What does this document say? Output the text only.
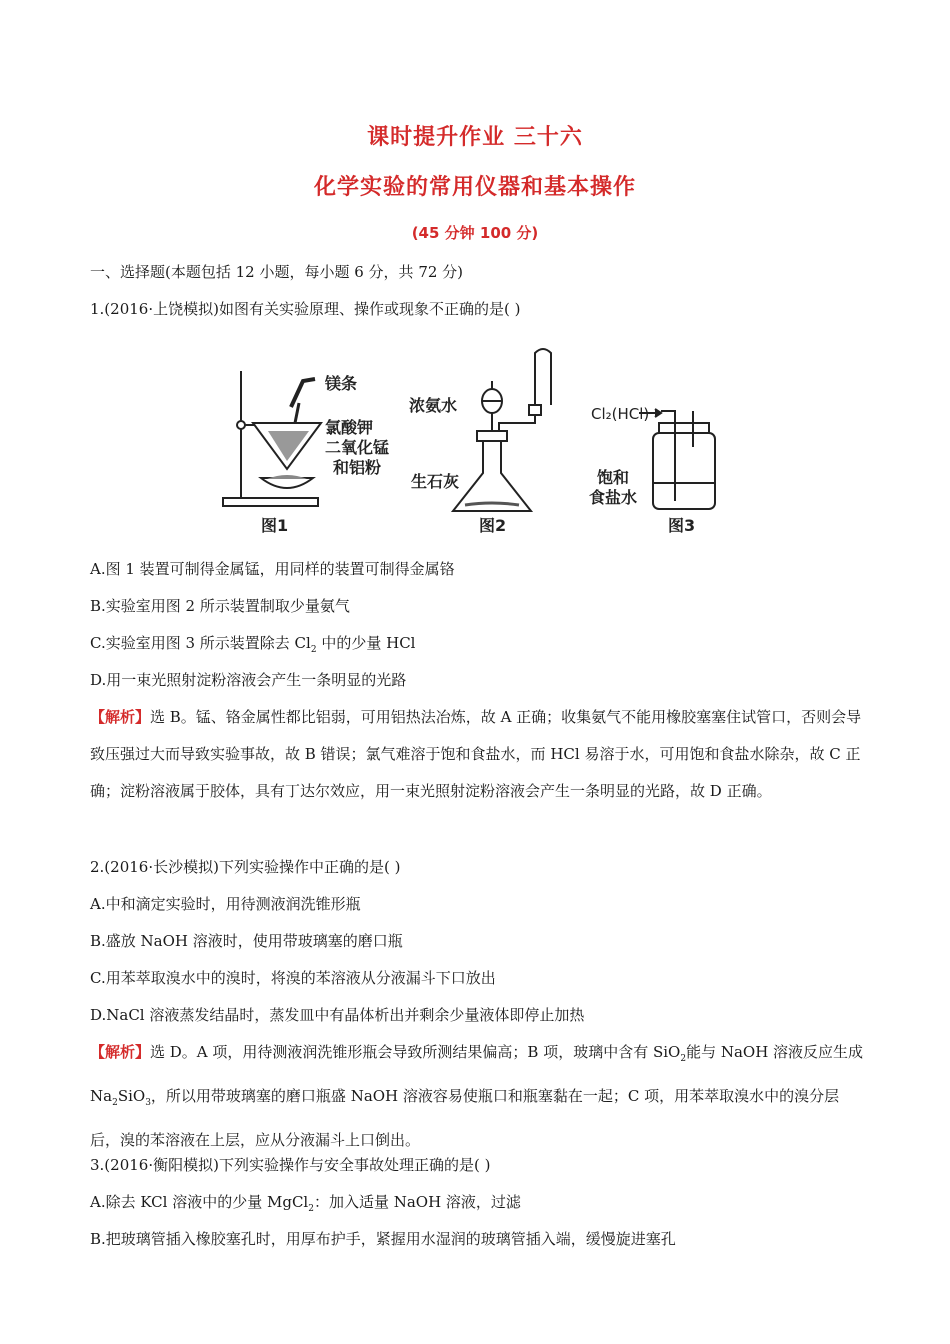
课时提升作业 三十六
化学实验的常用仪器和基本操作
(45 分钟 100 分)
一、选择题(本题包括 12 小题，每小题 6 分，共 72 分)
1.(2016·上饶模拟)如图有关实验原理、操作或现象不正确的是( )
镁条
氯酸钾
二氧化锰
和铝粉
图1
浓氨水
生石灰
图2
Cl₂(HCl)
饱和
食盐水
图3
A.图 1 装置可制得金属锰，用同样的装置可制得金属铬
B.实验室用图 2 所示装置制取少量氨气
C.实验室用图 3 所示装置除去 $Cl_2$ 中的少量 HCl
D.用一束光照射淀粉溶液会产生一条明显的光路
【解析】选 B。锰、铬金属性都比铝弱，可用铝热法冶炼，故 A 正确；收集氨气不能用橡胶塞塞住试管口，否则会导致压强过大而导致实验事故，故 B 错误；氯气难溶于饱和食盐水，而 HCl 易溶于水，可用饱和食盐水除杂，故 C 正确；淀粉溶液属于胶体，具有丁达尔效应，用一束光照射淀粉溶液会产生一条明显的光路，故 D 正确。
2.(2016·长沙模拟)下列实验操作中正确的是( )
A.中和滴定实验时，用待测液润洗锥形瓶
B.盛放 NaOH 溶液时，使用带玻璃塞的磨口瓶
C.用苯萃取溴水中的溴时，将溴的苯溶液从分液漏斗下口放出
D.NaCl 溶液蒸发结晶时，蒸发皿中有晶体析出并剩余少量液体即停止加热
【解析】选 D。A 项，用待测液润洗锥形瓶会导致所测结果偏高；B 项，玻璃中含有 SiO$_2$能与 NaOH 溶液反应生成 $Na_2SiO_3$，所以用带玻璃塞的磨口瓶盛 NaOH 溶液容易使瓶口和瓶塞黏在一起；C 项，用苯萃取溴水中的溴分层后，溴的苯溶液在上层，应从分液漏斗上口倒出。
3.(2016·衡阳模拟)下列实验操作与安全事故处理正确的是( )
A.除去 KCl 溶液中的少量 MgCl$_2$：加入适量 NaOH 溶液，过滤
B.把玻璃管插入橡胶塞孔时，用厚布护手，紧握用水湿润的玻璃管插入端，缓慢旋进塞孔
